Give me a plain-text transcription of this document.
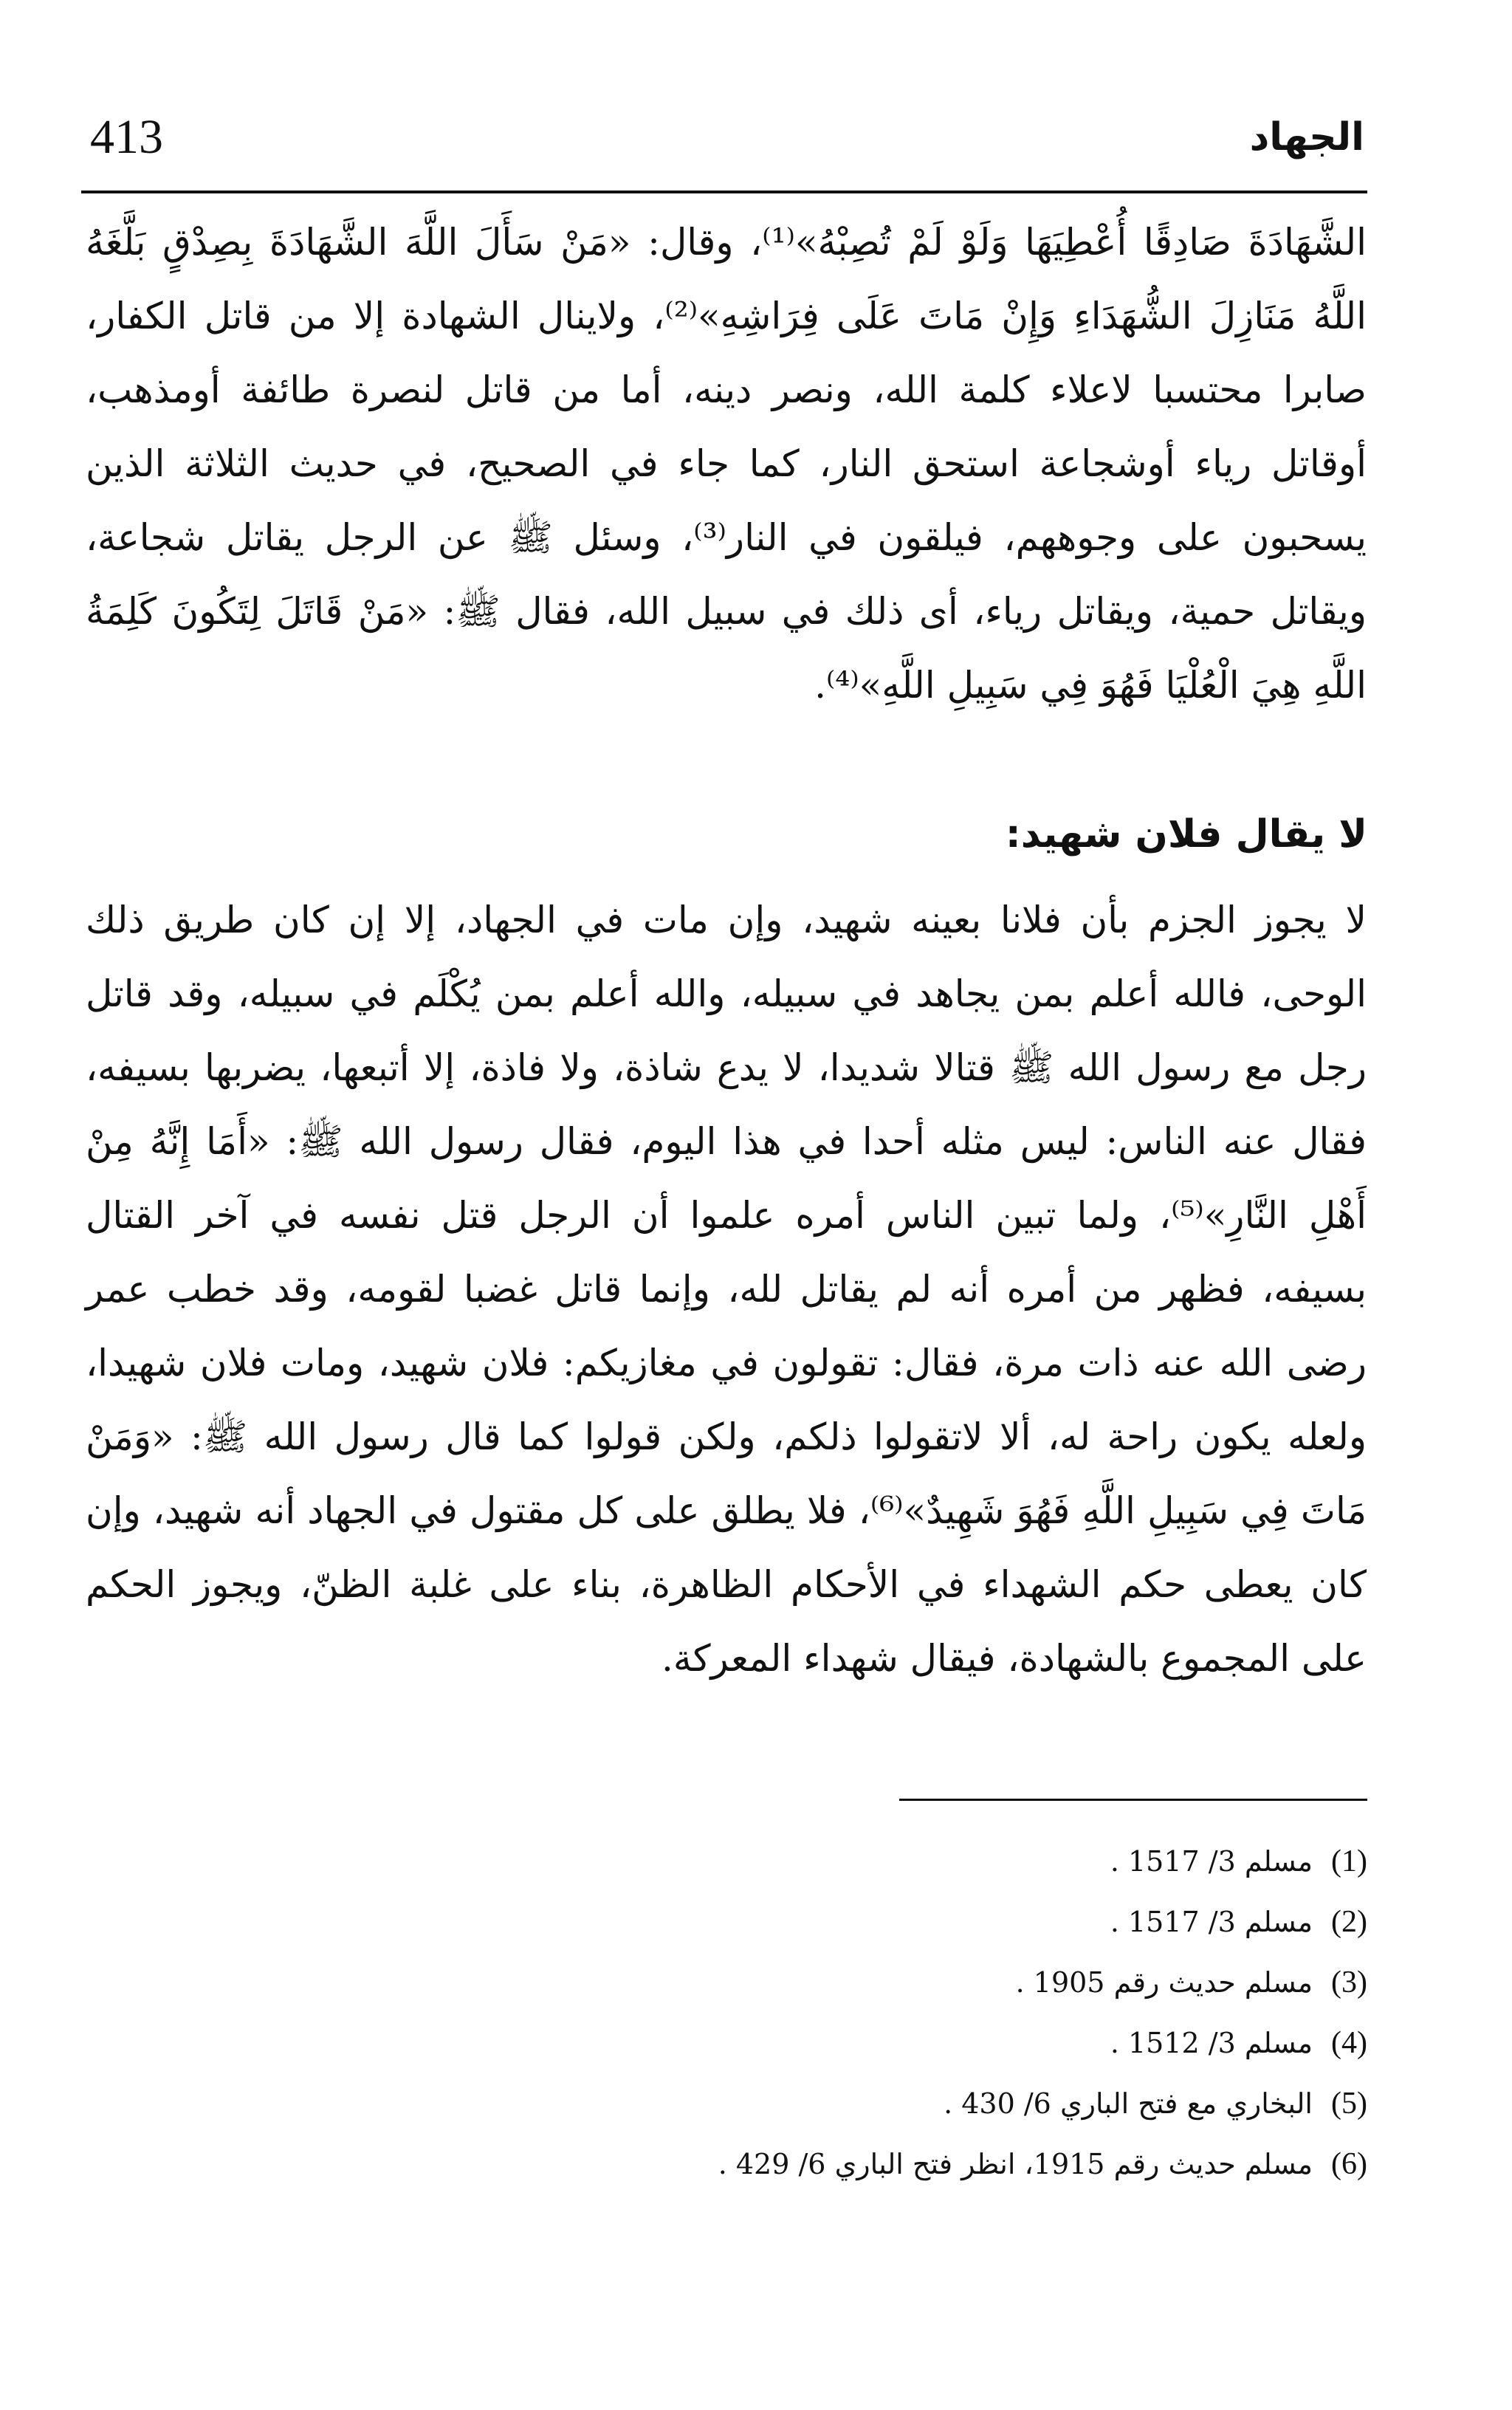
413	الجهاد

الشَّهَادَةَ صَادِقًا أُعْطِيَهَا وَلَوْ لَمْ تُصِبْهُ»⁽¹⁾، وقال: «مَنْ سَأَلَ اللَّهَ الشَّهَادَةَ بِصِدْقٍ بَلَّغَهُ اللَّهُ مَنَازِلَ الشُّهَدَاءِ وَإِنْ مَاتَ عَلَى فِرَاشِهِ»⁽²⁾، ولاينال الشهادة إلا من قاتل الكفار، صابرا محتسبا لاعلاء كلمة الله، ونصر دينه، أما من قاتل لنصرة طائفة أومذهب، أوقاتل رياء أوشجاعة استحق النار، كما جاء في الصحيح، في حديث الثلاثة الذين يسحبون على وجوههم، فيلقون في النار⁽³⁾، وسئل ﷺ عن الرجل يقاتل شجاعة، ويقاتل حمية، ويقاتل رياء، أى ذلك في سبيل الله، فقال ﷺ: «مَنْ قَاتَلَ لِتَكُونَ كَلِمَةُ اللَّهِ هِيَ الْعُلْيَا فَهُوَ فِي سَبِيلِ اللَّهِ»⁽⁴⁾.

لا يقال فلان شهيد:

لا يجوز الجزم بأن فلانا بعينه شهيد، وإن مات في الجهاد، إلا إن كان طريق ذلك الوحى، فالله أعلم بمن يجاهد في سبيله، والله أعلم بمن يُكْلَم في سبيله، وقد قاتل رجل مع رسول الله ﷺ قتالا شديدا، لا يدع شاذة، ولا فاذة، إلا أتبعها، يضربها بسيفه، فقال عنه الناس: ليس مثله أحدا في هذا اليوم، فقال رسول الله ﷺ: «أَمَا إِنَّهُ مِنْ أَهْلِ النَّارِ»⁽⁵⁾، ولما تبين الناس أمره علموا أن الرجل قتل نفسه في آخر القتال بسيفه، فظهر من أمره أنه لم يقاتل لله، وإنما قاتل غضبا لقومه، وقد خطب عمر رضى الله عنه ذات مرة، فقال: تقولون في مغازيكم: فلان شهيد، ومات فلان شهيدا، ولعله يكون راحة له، ألا لاتقولوا ذلكم، ولكن قولوا كما قال رسول الله ﷺ: «وَمَنْ مَاتَ فِي سَبِيلِ اللَّهِ فَهُوَ شَهِيدٌ»⁽⁶⁾، فلا يطلق على كل مقتول في الجهاد أنه شهيد، وإن كان يعطى حكم الشهداء في الأحكام الظاهرة، بناء على غلبة الظنّ، ويجوز الحكم على المجموع بالشهادة، فيقال شهداء المعركة.

(1)
مسلم 3/ 1517 .
(2)
مسلم 3/ 1517 .
(3)
مسلم حديث رقم 1905 .
(4)
مسلم 3/ 1512 .
(5)
البخاري مع فتح الباري 6/ 430 .
(6)
مسلم حديث رقم 1915، انظر فتح الباري 6/ 429 .
